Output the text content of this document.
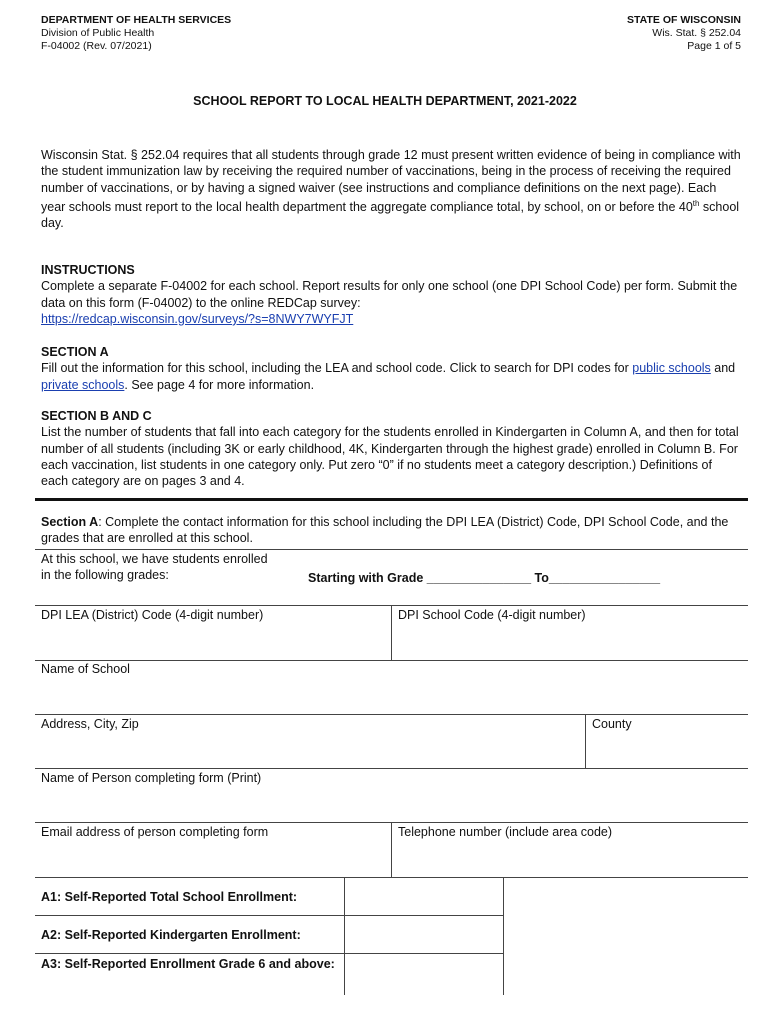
DEPARTMENT OF HEALTH SERVICES
Division of Public Health
F-04002 (Rev. 07/2021)
STATE OF WISCONSIN
Wis. Stat. § 252.04
Page 1 of 5
SCHOOL REPORT TO LOCAL HEALTH DEPARTMENT, 2021-2022
Wisconsin Stat. § 252.04 requires that all students through grade 12 must present written evidence of being in compliance with the student immunization law by receiving the required number of vaccinations, being in the process of receiving the required number of vaccinations, or by having a signed waiver (see instructions and compliance definitions on the next page). Each year schools must report to the local health department the aggregate compliance total, by school, on or before the 40th school day.
INSTRUCTIONS
Complete a separate F-04002 for each school. Report results for only one school (one DPI School Code) per form. Submit the data on this form (F-04002) to the online REDCap survey:
https://redcap.wisconsin.gov/surveys/?s=8NWY7WYFJT
SECTION A
Fill out the information for this school, including the LEA and school code. Click to search for DPI codes for public schools and private schools. See page 4 for more information.
SECTION B AND C
List the number of students that fall into each category for the students enrolled in Kindergarten in Column A, and then for total number of all students (including 3K or early childhood, 4K, Kindergarten through the highest grade) enrolled in Column B. For each vaccination, list students in one category only. Put zero “0” if no students meet a category description.) Definitions of each category are on pages 3 and 4.
Section A: Complete the contact information for this school including the DPI LEA (District) Code, DPI School Code, and the grades that are enrolled at this school.
At this school, we have students enrolled
in the following grades:	Starting with Grade _______________ To________________
DPI LEA (District) Code (4-digit number)	DPI School Code (4-digit number)
Name of School
Address, City, Zip	County
Name of Person completing form (Print)
Email address of person completing form	Telephone number (include area code)
A1: Self-Reported Total School Enrollment:
A2: Self-Reported Kindergarten Enrollment:
A3: Self-Reported Enrollment Grade 6 and above:
